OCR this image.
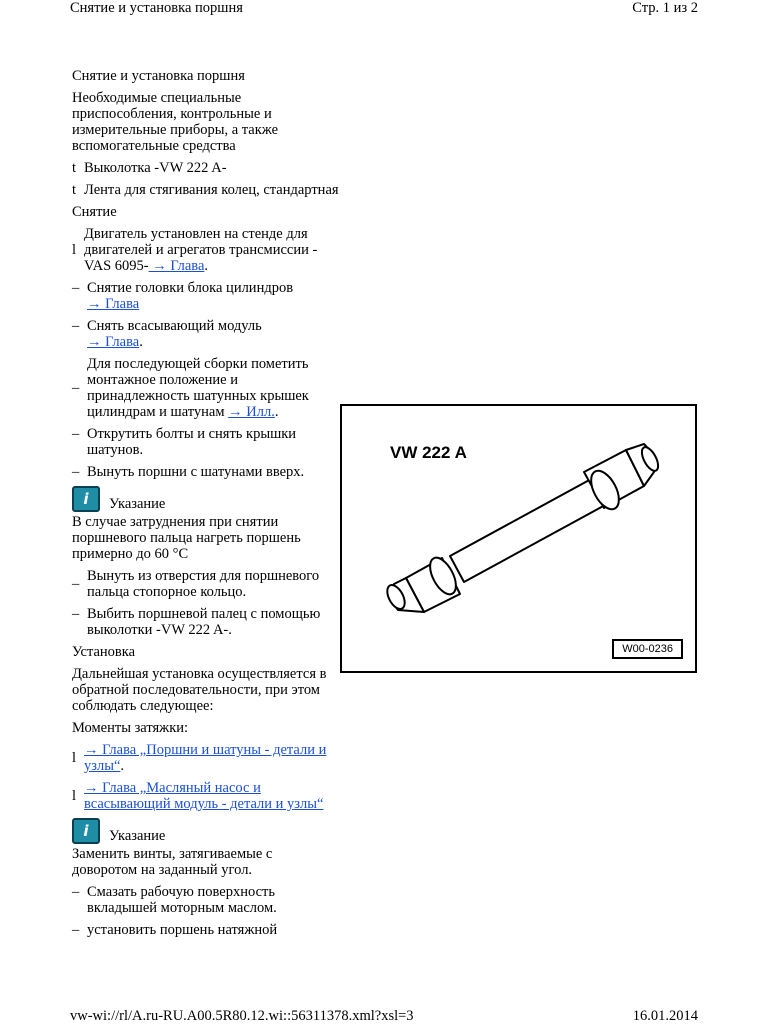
Снятие и установка поршня	Стр. 1 из 2
Снятие и установка поршня
Необходимые специальные приспособления, контрольные и измерительные приборы, а также вспомогательные средства
t Выколотка -VW 222 A-
t Лента для стягивания колец, стандартная
Снятие
l
Двигатель установлен на стенде для двигателей и агрегатов трансмиссии -VAS 6095- → Глава.
– Снятие головки блока цилиндров
→ Глава
– Снять всасывающий модуль
→ Глава.
–
Для последующей сборки пометить монтажное положение и принадлежность шатунных крышек цилиндрам и шатунам → Илл..
– Открутить болты и снять крышки шатунов.
– Вынуть поршни с шатунами вверх.
i Указание
В случае затруднения при снятии поршневого пальца нагреть поршень примерно до 60 °C
– Вынуть из отверстия для поршневого пальца стопорное кольцо.
– Выбить поршневой палец с помощью выколотки -VW 222 A-.
Установка
Дальнейшая установка осуществляется в обратной последовательности, при этом соблюдать следующее:
Моменты затяжки:
l → Глава „Поршни и шатуны - детали и узлы“.
l → Глава „Масляный насос и всасывающий модуль - детали и узлы“
i Указание
Заменить винты, затягиваемые с доворотом на заданный угол.
– Смазать рабочую поверхность вкладышей моторным маслом.
– установить поршень натяжной
VW 222 A
W00-0236
vw-wi://rl/A.ru-RU.A00.5R80.12.wi::56311378.xml?xsl=3	16.01.2014
